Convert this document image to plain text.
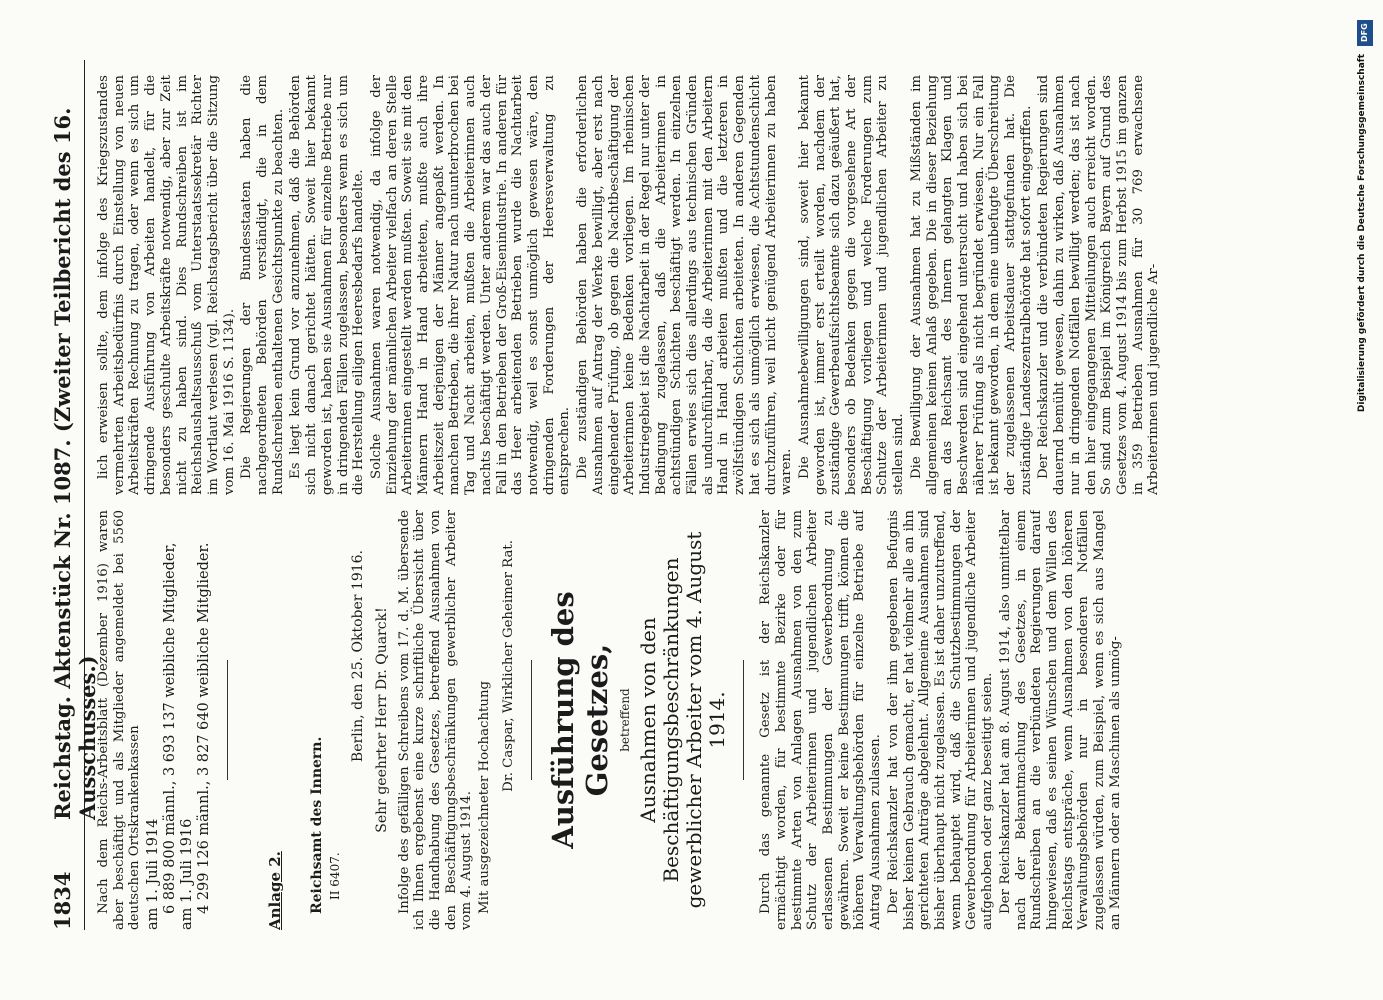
1834
Reichstag. Aktenstück Nr. 1087. (Zweiter Teilbericht des 16. Ausschusses.)

Nach dem Reichs-Arbeitsblatt (Dezember 1916) waren aber beschäftigt und als Mitglieder angemeldet bei 5560 deutschen Ortskrankenkassen am 1. Juli 1914 6 889 800 männl., 3 693 137 weibliche Mitglieder, am 1. Juli 1916 4 299 126 männl., 3 827 640 weibliche Mitglieder.	Anlage 2. Reichsamt des Innern. II 6407.

Berlin, den 25. Oktober 1916. Sehr geehrter Herr Dr. Quarck! Infolge des gefälligen Schreibens vom 17. d. M. übersende ich Ihnen ergebenst eine kurze schriftliche Übersicht über die Handhabung des Gesetzes, betreffend Ausnahmen von den Beschäftigungsbeschränkungen gewerblicher Arbeiter vom 4. August 1914. Mit ausgezeichneter Hochachtung

Dr. Caspar, Wirklicher Geheimer Rat. Ausführung des Gesetzes, betreffend Ausnahmen von den Beschäftigungsbeschränkungen gewerblicher Arbeiter vom 4. August 1914. Durch das genannte Gesetz ist der Reichskanzler ermächtigt worden, für bestimmte Bezirke oder für bestimmte Arten von Anlagen Ausnahmen von den zum Schutz der Arbeiterinnen und jugendlichen Arbeiter erlassenen Bestimmungen der Gewerbeordnung zu gewähren. Soweit er keine Bestimmungen trifft, können die höheren Verwaltungsbehörden für einzelne Betriebe auf Antrag Ausnahmen zulassen. Der Reichskanzler hat von der ihm gegebenen Befugnis bisher keinen Gebrauch gemacht, er hat vielmehr alle an ihn gerichteten Anträge abgelehnt. Allgemeine Ausnahmen sind bisher überhaupt nicht zugelassen. Es ist daher unzutreffend, wenn behauptet wird, daß die Schutzbestimmungen der Gewerbeordnung für Arbeiterinnen und jugendliche Arbeiter aufgehoben oder ganz beseitigt seien. Der Reichskanzler hat am 8. August 1914, also unmittelbar nach der Bekanntmachung des Gesetzes, in einem Rundschreiben an die verbündeten Regierungen darauf hingewiesen, daß es seinen Wünschen und dem Willen des Reichstags entspräche, wenn Ausnahmen von den höheren Verwaltungsbehörden nur in besonderen Notfällen zugelassen würden, zum Beispiel, wenn es sich aus Mangel an Männern oder an Maschinen als unmög-

lich erweisen sollte, dem infolge des Kriegszustandes vermehrten Arbeitsbedürfnis durch Einstellung von neuen Arbeitskräften Rechnung zu tragen, oder wenn es sich um dringende Ausführung von Arbeiten handelt, für die besonders geschulte Arbeitskräfte notwendig, aber zur Zeit nicht zu haben sind. Dies Rundschreiben ist im Reichshaushaltsausschuß vom Unterstaatssekretär Richter im Wortlaut verlesen (vgl. Reichstagsbericht über die Sitzung vom 16. Mai 1916 S. 1134). Die Regierungen der Bundesstaaten haben die nachgeordneten Behörden verständigt, die in dem Rundschreiben enthaltenen Gesichtspunkte zu beachten. Es liegt kein Grund vor anzunehmen, daß die Behörden sich nicht danach gerichtet hätten. Soweit hier bekannt geworden ist, haben sie Ausnahmen für einzelne Betriebe nur in dringenden Fällen zugelassen, besonders wenn es sich um die Herstellung eiligen Heeresbedarfs handelte. Solche Ausnahmen waren notwendig, da infolge der Einziehung der männlichen Arbeiter vielfach an deren Stelle Arbeiterinnen eingestellt werden mußten. Soweit sie mit den Männern Hand in Hand arbeiteten, mußte auch ihre Arbeitszeit derjenigen der Männer angepaßt werden. In manchen Betrieben, die ihrer Natur nach ununterbrochen bei Tag und Nacht arbeiten, mußten die Arbeiterinnen auch nachts beschäftigt werden. Unter anderem war das auch der Fall in den Betrieben der Groß-Eisenindustrie. In anderen für das Heer arbeitenden Betrieben wurde die Nachtarbeit notwendig, weil es sonst unmöglich gewesen wäre, den dringenden Forderungen der Heeresverwaltung zu entsprechen. Die zuständigen Behörden haben die erforderlichen Ausnahmen auf Antrag der Werke bewilligt, aber erst nach eingehender Prüfung, ob gegen die Nachtbeschäftigung der Arbeiterinnen keine Bedenken vorliegen. Im rheinischen Industriegebiet ist die Nachtarbeit in der Regel nur unter der Bedingung zugelassen, daß die Arbeiterinnen in achtstündigen Schichten beschäftigt werden. In einzelnen Fällen erwies sich dies allerdings aus technischen Gründen als undurchführbar, da die Arbeiterinnen mit den Arbeitern Hand in Hand arbeiten mußten und die letzteren in zwölfstündigen Schichten arbeiteten. In anderen Gegenden hat es sich als unmöglich erwiesen, die Achtstundenschicht durchzuführen, weil nicht genügend Arbeiterinnen zu haben waren. Die Ausnahmebewilligungen sind, soweit hier bekannt geworden ist, immer erst erteilt worden, nachdem der zuständige Gewerbeaufsichtsbeamte sich dazu geäußert hat, besonders ob Bedenken gegen die vorgesehene Art der Beschäftigung vorliegen und welche Forderungen zum Schutze der Arbeiterinnen und jugendlichen Arbeiter zu stellen sind. Die Bewilligung der Ausnahmen hat zu Mißständen im allgemeinen keinen Anlaß gegeben. Die in dieser Beziehung an das Reichsamt des Innern gelangten Klagen und Beschwerden sind eingehend untersucht und haben sich bei näherer Prüfung als nicht begründet erwiesen. Nur ein Fall ist bekannt geworden, in dem eine unbefugte Überschreitung der zugelassenen Arbeitsdauer stattgefunden hat. Die zuständige Landeszentralbehörde hat sofort eingegriffen. Der Reichskanzler und die verbündeten Regierungen sind dauernd bemüht gewesen, dahin zu wirken, daß Ausnahmen nur in dringenden Notfällen bewilligt werden; das ist nach den hier eingegangenen Mitteilungen auch erreicht worden. So sind zum Beispiel im Königreich Bayern auf Grund des Gesetzes vom 4. August 1914 bis zum Herbst 1915 im ganzen in 359 Betrieben Ausnahmen für 30 769 erwachsene Arbeiterinnen und jugendliche Ar-

DFG
Digitalisierung gefördert durch die Deutsche Forschungsgemeinschaft
